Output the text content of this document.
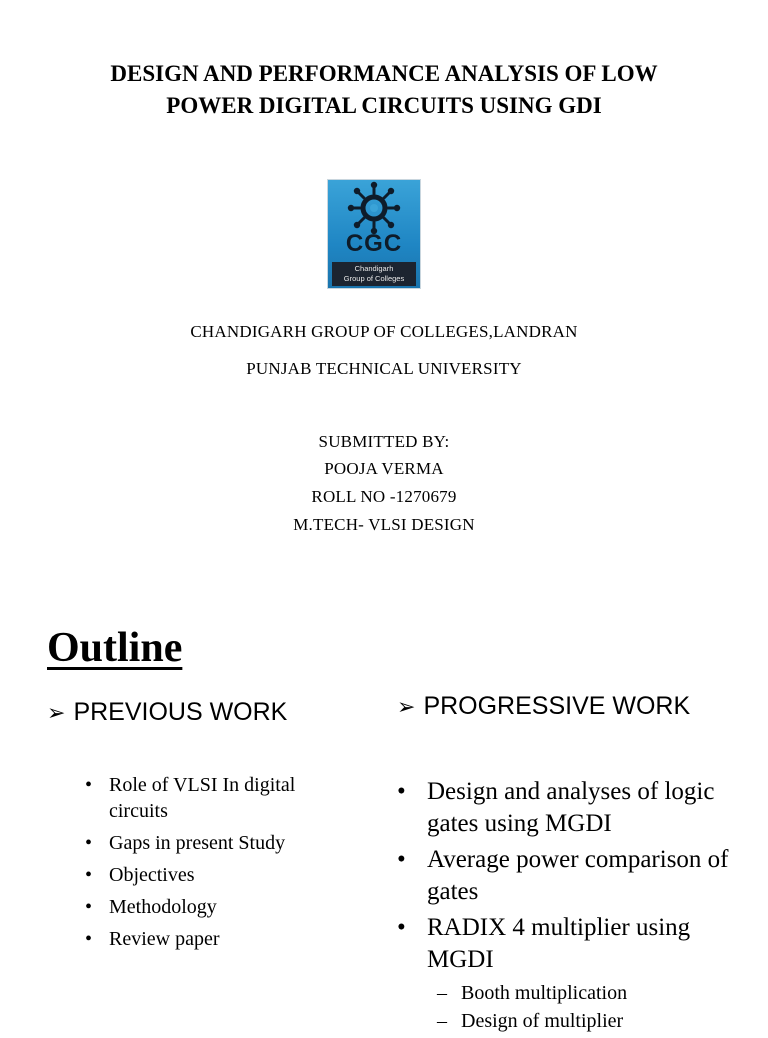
DESIGN AND PERFORMANCE ANALYSIS OF LOW
POWER DIGITAL CIRCUITS USING GDI
CGC
Chandigarh
Group of Colleges
CHANDIGARH GROUP OF COLLEGES,LANDRAN
PUNJAB TECHNICAL UNIVERSITY
SUBMITTED BY:
POOJA VERMA
ROLL NO -1270679
M.TECH- VLSI DESIGN
Outline
➢ PREVIOUS WORK	➢ PROGRESSIVE WORK
• Role of VLSI In digital circuits
• Gaps in present Study
• Objectives
• Methodology
• Review paper
• Design and analyses of logic gates using MGDI
• Average power comparison of gates
• RADIX 4 multiplier using MGDI
– Booth multiplication
– Design of multiplier
